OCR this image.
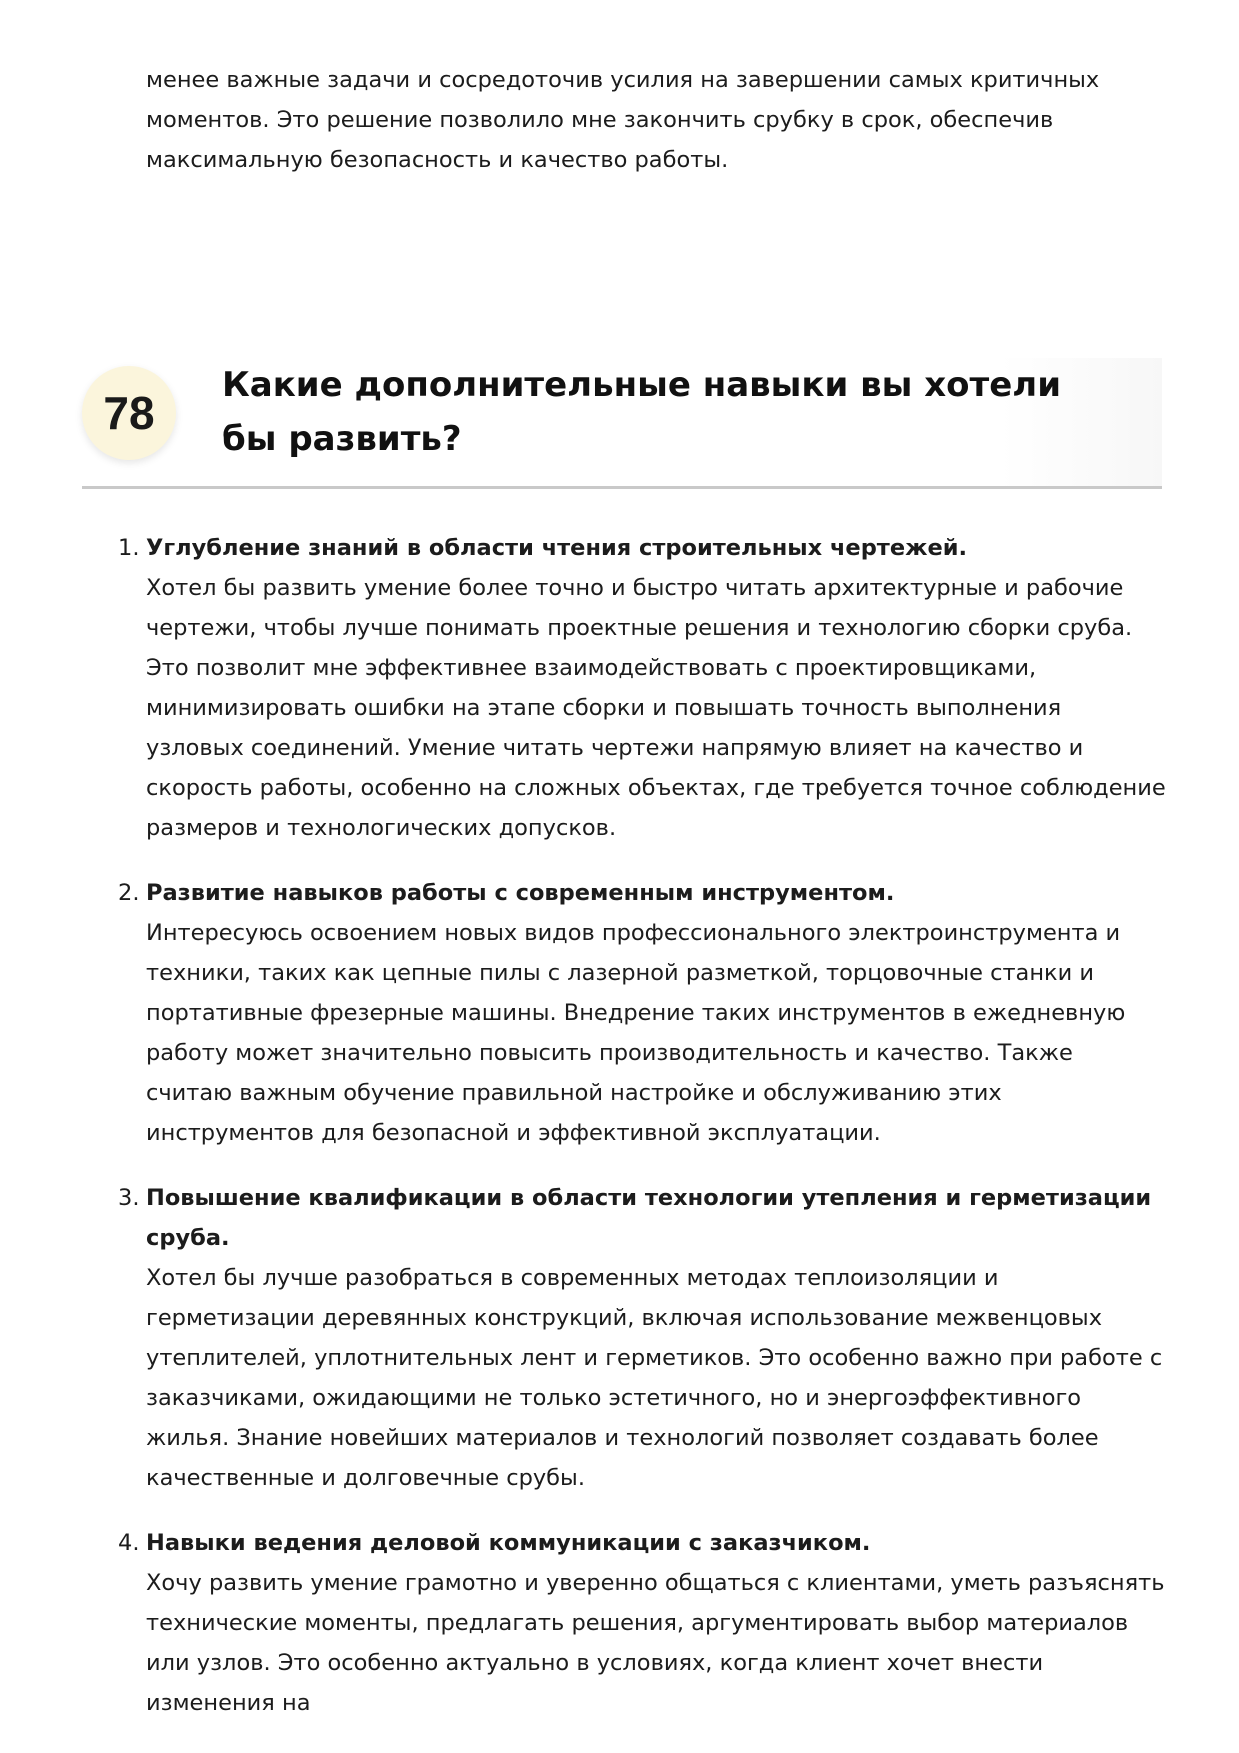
менее важные задачи и сосредоточив усилия на завершении самых критичных моментов. Это решение позволило мне закончить срубку в срок, обеспечив максимальную безопасность и качество работы.

78
Какие дополнительные навыки вы хотели бы развить?
1. Углубление знаний в области чтения строительных чертежей.
Хотел бы развить умение более точно и быстро читать архитектурные и рабочие чертежи, чтобы лучше понимать проектные решения и технологию сборки сруба. Это позволит мне эффективнее взаимодействовать с проектировщиками, минимизировать ошибки на этапе сборки и повышать точность выполнения узловых соединений. Умение читать чертежи напрямую влияет на качество и скорость работы, особенно на сложных объектах, где требуется точное соблюдение размеров и технологических допусков.
2. Развитие навыков работы с современным инструментом.
Интересуюсь освоением новых видов профессионального электроинструмента и техники, таких как цепные пилы с лазерной разметкой, торцовочные станки и портативные фрезерные машины. Внедрение таких инструментов в ежедневную работу может значительно повысить производительность и качество. Также считаю важным обучение правильной настройке и обслуживанию этих инструментов для безопасной и эффективной эксплуатации.
3. Повышение квалификации в области технологии утепления и герметизации сруба.
Хотел бы лучше разобраться в современных методах теплоизоляции и герметизации деревянных конструкций, включая использование межвенцовых утеплителей, уплотнительных лент и герметиков. Это особенно важно при работе с заказчиками, ожидающими не только эстетичного, но и энергоэффективного жилья. Знание новейших материалов и технологий позволяет создавать более качественные и долговечные срубы.
4. Навыки ведения деловой коммуникации с заказчиком.
Хочу развить умение грамотно и уверенно общаться с клиентами, уметь разъяснять технические моменты, предлагать решения, аргументировать выбор материалов или узлов. Это особенно актуально в условиях, когда клиент хочет внести изменения на
